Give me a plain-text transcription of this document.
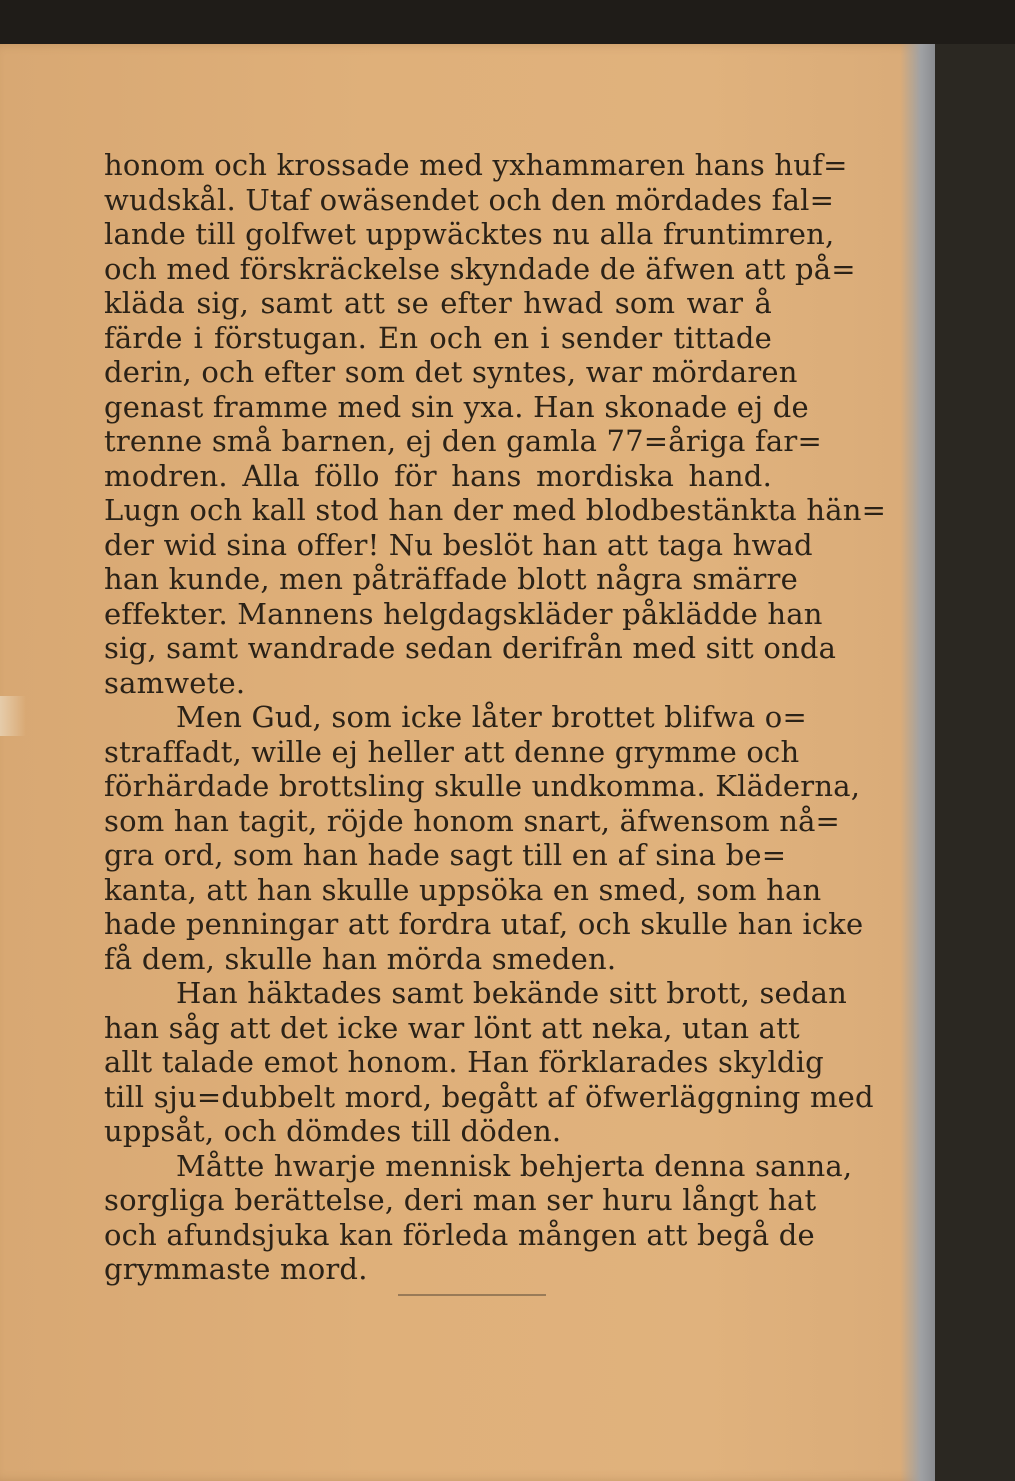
honom och krossade med yxhammaren hans huf=
wudskål. Utaf owäsendet och den mördades fal=
lande till golfwet uppwäcktes nu alla fruntimren,
och med förskräckelse skyndade de äfwen att på=
kläda sig, samt att se efter hwad som war å
färde i förstugan. En och en i sender tittade
derin, och efter som det syntes, war mördaren
genast framme med sin yxa. Han skonade ej de
trenne små barnen, ej den gamla 77=åriga far=
modren. Alla föllo för hans mordiska hand.
Lugn och kall stod han der med blodbestänkta hän=
der wid sina offer! Nu beslöt han att taga hwad
han kunde, men påträffade blott några smärre
effekter. Mannens helgdagskläder påklädde han
sig, samt wandrade sedan derifrån med sitt onda
samwete.
Men Gud, som icke låter brottet blifwa o=
straffadt, wille ej heller att denne grymme och
förhärdade brottsling skulle undkomma. Kläderna,
som han tagit, röjde honom snart, äfwensom nå=
gra ord, som han hade sagt till en af sina be=
kanta, att han skulle uppsöka en smed, som han
hade penningar att fordra utaf, och skulle han icke
få dem, skulle han mörda smeden.
Han häktades samt bekände sitt brott, sedan
han såg att det icke war lönt att neka, utan att
allt talade emot honom. Han förklarades skyldig
till sju=dubbelt mord, begått af öfwerläggning med
uppsåt, och dömdes till döden.
Måtte hwarje mennisk behjerta denna sanna,
sorgliga berättelse, deri man ser huru långt hat
och afundsjuka kan förleda mången att begå de
grymmaste mord.
